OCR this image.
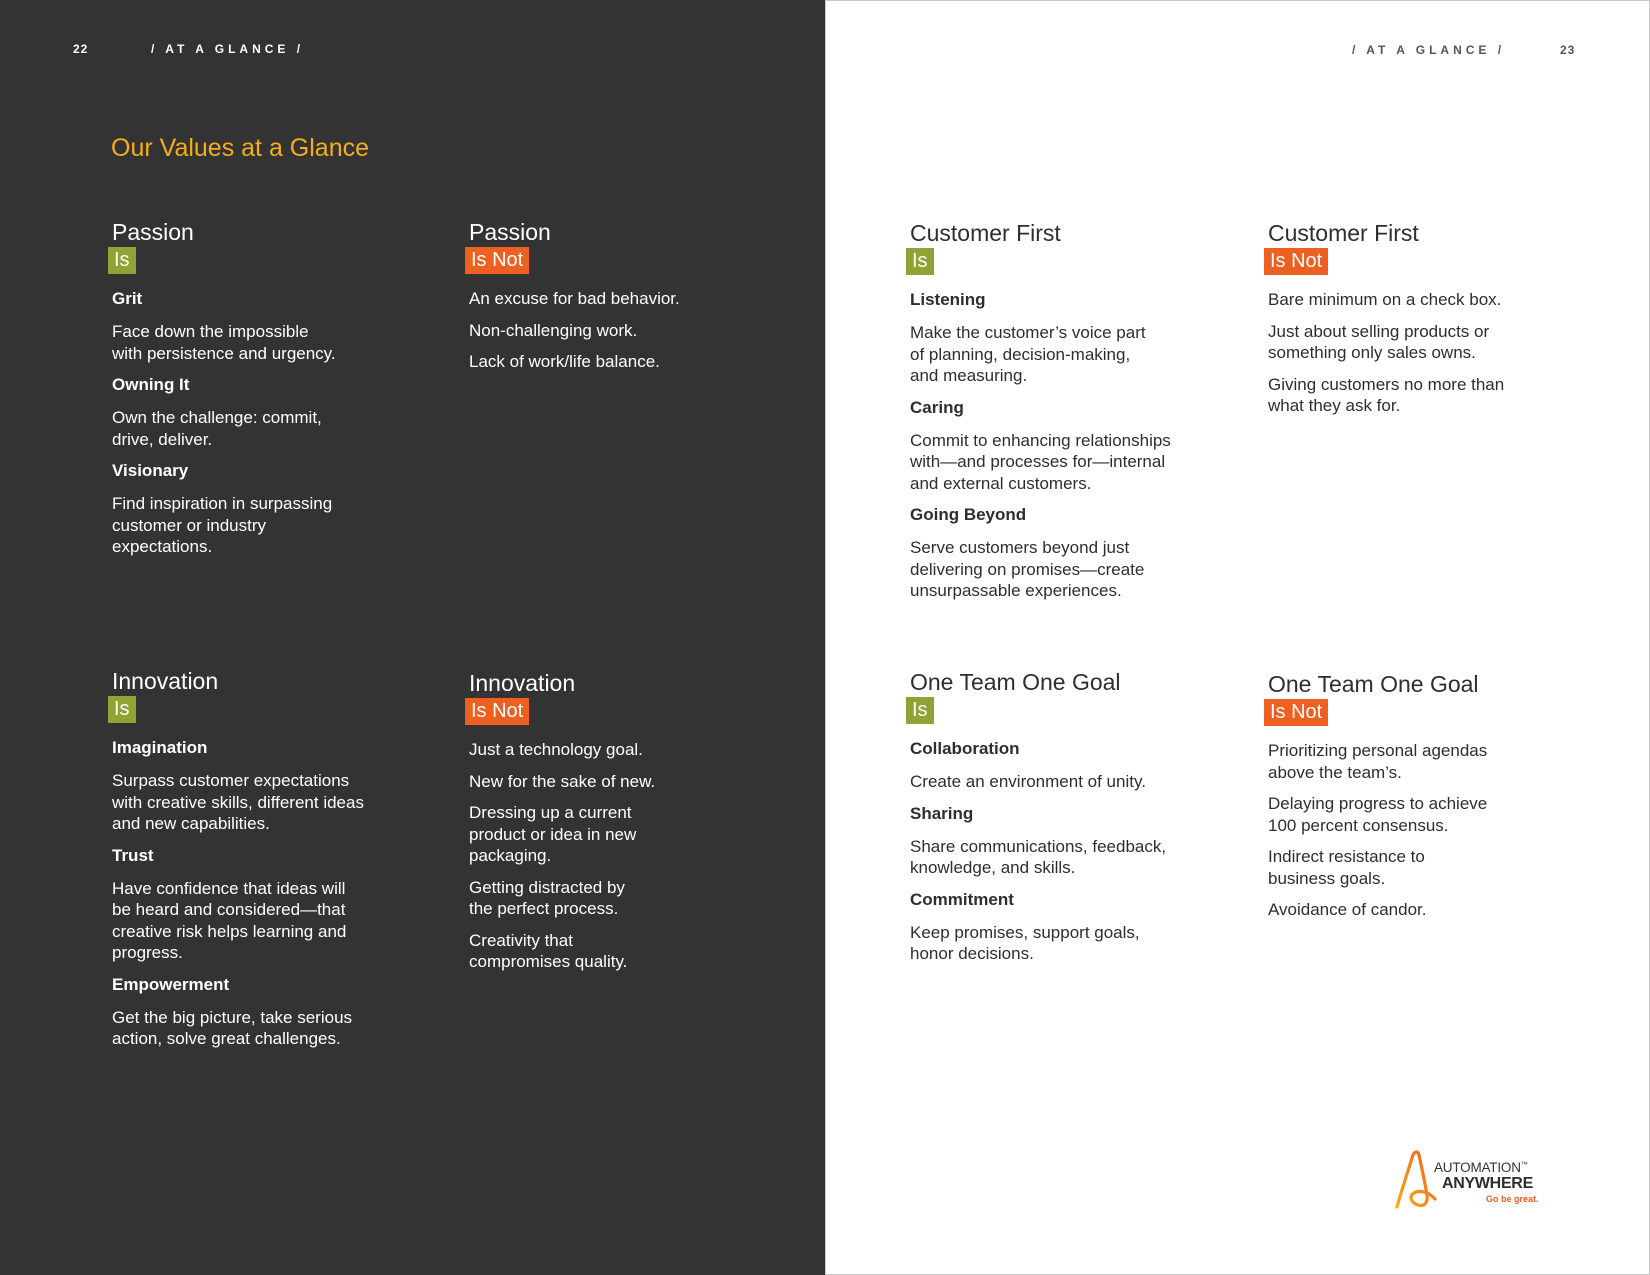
22	/ AT A GLANCE /
Our Values at a Glance
Passion
Is
Grit
Face down the impossible
with persistence and urgency.
Owning It
Own the challenge: commit,
drive, deliver.
Visionary
Find inspiration in surpassing
customer or industry
expectations.
Passion
Is Not
An excuse for bad behavior.
Non-challenging work.
Lack of work/life balance.
Innovation
Is
Imagination
Surpass customer expectations
with creative skills, different ideas
and new capabilities.
Trust
Have confidence that ideas will
be heard and considered—that
creative risk helps learning and
progress.
Empowerment
Get the big picture, take serious
action, solve great challenges.
Innovation
Is Not
Just a technology goal.
New for the sake of new.
Dressing up a current
product or idea in new
packaging.
Getting distracted by
the perfect process.
Creativity that
compromises quality.
/ AT A GLANCE /	23
Customer First
Is
Listening
Make the customer’s voice part
of planning, decision-making,
and measuring.
Caring
Commit to enhancing relationships
with—and processes for—internal
and external customers.
Going Beyond
Serve customers beyond just
delivering on promises—create
unsurpassable experiences.
Customer First
Is Not
Bare minimum on a check box.
Just about selling products or
something only sales owns.
Giving customers no more than
what they ask for.
One Team One Goal
Is
Collaboration
Create an environment of unity.
Sharing
Share communications, feedback,
knowledge, and skills.
Commitment
Keep promises, support goals,
honor decisions.
One Team One Goal
Is Not
Prioritizing personal agendas
above the team’s.
Delaying progress to achieve
100 percent consensus.
Indirect resistance to
business goals.
Avoidance of candor.
AUTOMATION™
ANYWHERE
Go be great.
